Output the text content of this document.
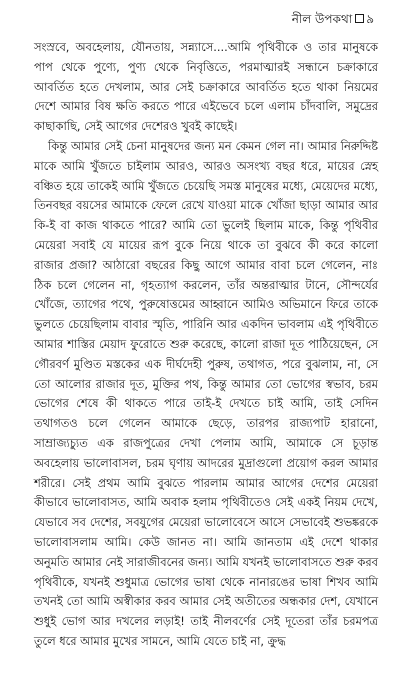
নীল উপকথা ৯

সংস্রবে, অবহেলায়, যৌনতায়, সন্ন্যাসে....আমি পৃথিবীকে ও তার মানুষকে পাপ থেকে পুণ্যে, পুণ্য থেকে নিবৃত্তিতে, পরমাত্মারই সন্ধানে চক্রাকারে আবর্তিত হতে দেখলাম, আর সেই চক্রাকারে আবর্তিত হতে থাকা নিয়মের দেশে আমার বিষ ক্ষতি করতে পারে এইভেবে চলে এলাম চাঁদবালি, সমুদ্রের কাছাকাছি, সেই আগের দেশেরও খুবই কাছেই।

কিন্তু আমার সেই চেনা মানুষদের জন্য মন কেমন গেল না। আমার নিরুদ্দিষ্ট মাকে আমি খুঁজতে চাইলাম আরও, আরও অসংখ্য বছর ধরে, মায়ের স্নেহ বঞ্চিত হয়ে তাকেই আমি খুঁজতে চেয়েছি সমস্ত মানুষের মধ্যে, মেয়েদের মধ্যে, তিনবছর বয়সের আমাকে ফেলে রেখে যাওয়া মাকে খোঁজা ছাড়া আমার আর কি-ই বা কাজ থাকতে পারে? আমি তো ভুলেই ছিলাম মাকে, কিন্তু পৃথিবীর মেয়েরা সবাই যে মায়ের রূপ বুকে নিয়ে থাকে তা বুঝবে কী করে কালো রাজার প্রজা? আঠারো বছরের কিছু আগে আমার বাবা চলে গেলেন, নাঃ ঠিক চলে গেলেন না, গৃহত্যাগ করলেন, তাঁর অন্তরাত্মার টানে, সৌন্দর্যের খোঁজে, ত্যাগের পথে, পুরুষোত্তমের আহ্বানে আমিও অভিমানে ফিরে তাকে ভুলতে চেয়েছিলাম বাবার স্মৃতি, পারিনি আর একদিন ভাবলাম এই পৃথিবীতে আমার শাস্তির মেয়াদ ফুরোতে শুরু করেছে, কালো রাজা দূত পাঠিয়েছেন, সে গৌরবর্ণ মুণ্ডিত মস্তকের এক দীর্ঘদেহী পুরুষ, তথাগত, পরে বুঝলাম, না, সে তো আলোর রাজার দূত, মুক্তির পথ, কিন্তু আমার তো ভোগের স্বভাব, চরম ভোগের শেষে কী থাকতে পারে তাই-ই দেখতে চাই আমি, তাই সেদিন তথাগতও চলে গেলেন আমাকে ছেড়ে, তারপর রাজ্যপাট হারানো, সাম্রাজ্যচ্যুত এক রাজপুত্রের দেখা পেলাম আমি, আমাকে সে চূড়ান্ত অবহেলায় ভালোবাসল, চরম ঘৃণায় আদরের মুদ্রাগুলো প্রয়োগ করল আমার শরীরে। সেই প্রথম আমি বুঝতে পারলাম আমার আগের দেশের মেয়েরা কীভাবে ভালোবাসত, আমি অবাক হলাম পৃথিবীতেও সেই একই নিয়ম দেখে, যেভাবে সব দেশের, সবযুগের মেয়েরা ভালোবেসে আসে সেভাবেই শুভঙ্করকে ভালোবাসলাম আমি। কেউ জানত না। আমি জানতাম এই দেশে থাকার অনুমতি আমার নেই সারাজীবনের জন্য। আমি যখনই ভালোবাসতে শুরু করব পৃথিবীকে, যখনই শুধুমাত্র ভোগের ভাষা থেকে নানারঙের ভাষা শিখব আমি তখনই তো আমি অস্বীকার করব আমার সেই অতীতের অন্ধকার দেশ, যেখানে শুধুই ভোগ আর দখলের লড়াই! তাই নীলবর্ণের সেই দূতেরা তাঁর চরমপত্র তুলে ধরে আমার মুখের সামনে, আমি যেতে চাই না, ক্রুদ্ধ
